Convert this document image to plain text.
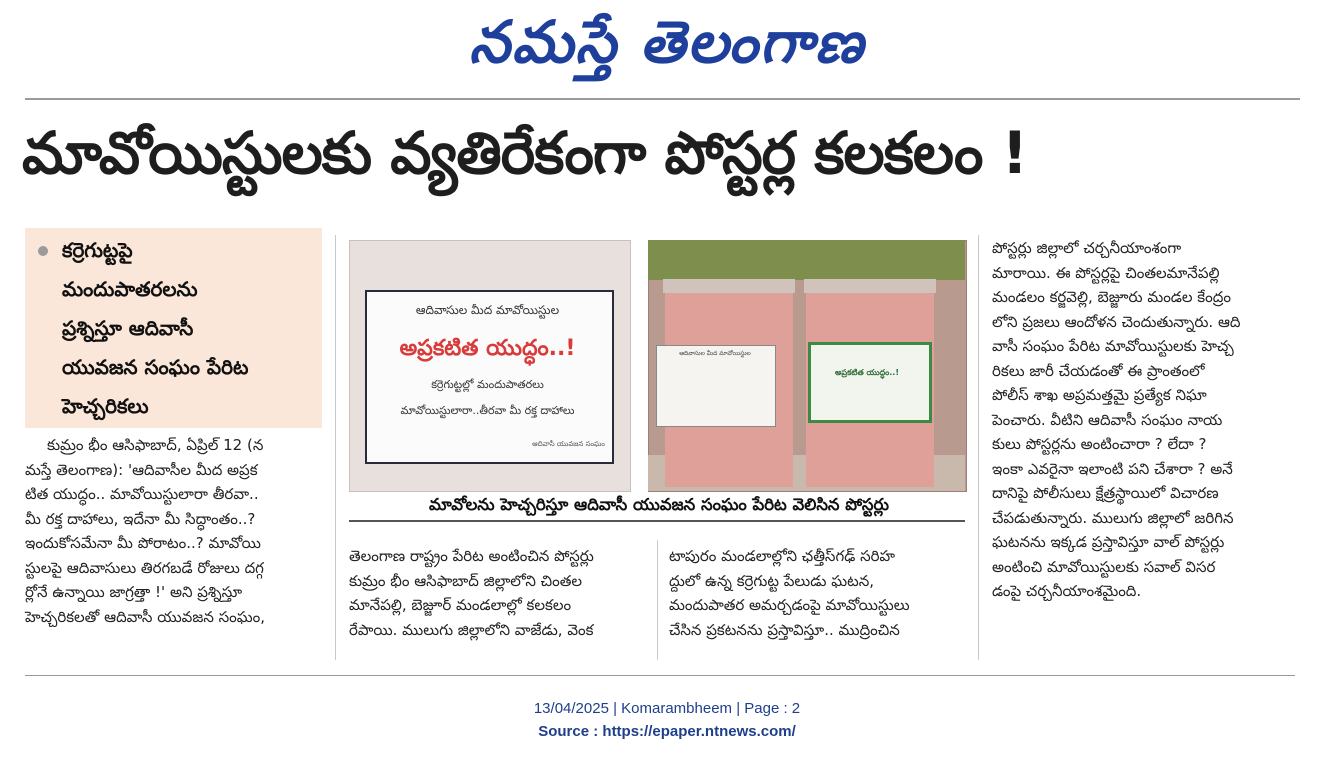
నమస్తే తెలంగాణ
మావోయిస్టులకు వ్యతిరేకంగా పోస్టర్ల కలకలం !
కర్రెగుట్టపై
మందుపాతరలను
ప్రశ్నిస్తూ ఆదివాసీ
యువజన సంఘం పేరిట
హెచ్చరికలు
కుమ్రం భీం ఆసిఫాబాద్, ఏప్రిల్ 12 (న
మస్తే తెలంగాణ): 'ఆదివాసీల మీద అప్రక
టిత యుద్ధం.. మావోయిస్టులారా తీరవా..
మీ రక్త దాహాలు, ఇదేనా మీ సిద్ధాంతం..?
ఇందుకోసమేనా మీ పోరాటం..? మావోయి
స్టులపై ఆదివాసులు తిరగబడే రోజులు దగ్గ
ర్లోనే ఉన్నాయి జాగ్రత్తా !' అని ప్రశ్నిస్తూ
హెచ్చరికలతో ఆదివాసీ యువజన సంఘం,
ఆదివాసుల మీద మావోయిస్టుల
అప్రకటిత యుద్ధం..!
కర్రెగుట్టల్లో మందుపాతరలు
మావోయిస్టులారా..తీరవా మీ రక్త దాహాలు
ఆదివాసీ యువజన సంఘం
ఆదివాసుల మీద మావోయిస్టుల
అప్రకటిత యుద్ధం..!
మావోలను హెచ్చరిస్తూ ఆదివాసీ యువజన సంఘం పేరిట వెలిసిన పోస్టర్లు
తెలంగాణ రాష్ట్రం పేరిట అంటించిన పోస్టర్లు
కుమ్రం భీం ఆసిఫాబాద్ జిల్లాలోని చింతల
మానేపల్లి, బెజ్జూర్ మండలాల్లో కలకలం
రేపాయి. ములుగు జిల్లాలోని వాజేడు, వెంక
టాపురం మండలాల్లోని ఛత్తీస్‌గఢ్ సరిహ
ద్దులో ఉన్న కర్రెగుట్ట పేలుడు ఘటన,
మందుపాతర అమర్చడంపై మావోయిస్టులు
చేసిన ప్రకటనను ప్రస్తావిస్తూ.. ముద్రించిన
పోస్టర్లు జిల్లాలో చర్చనీయాంశంగా
మారాయి. ఈ పోస్టర్లపై చింతలమానేపల్లి
మండలం కర్జవెల్లి, బెజ్జూరు మండల కేంద్రం
లోని ప్రజలు ఆందోళన చెందుతున్నారు. ఆది
వాసీ సంఘం పేరిట మావోయిస్టులకు హెచ్చ
రికలు జారీ చేయడంతో ఈ ప్రాంతంలో
పోలీస్ శాఖ అప్రమత్తమై ప్రత్యేక నిఘా
పెంచారు. వీటిని ఆదివాసీ సంఘం నాయ
కులు పోస్టర్లను అంటించారా ? లేదా ?
ఇంకా ఎవరైనా ఇలాంటి పని చేశారా ? అనే
దానిపై పోలీసులు క్షేత్రస్థాయిలో విచారణ
చేపడుతున్నారు. ములుగు జిల్లాలో జరిగిన
ఘటనను ఇక్కడ ప్రస్తావిస్తూ వాల్ పోస్టర్లు
అంటించి మావోయిస్టులకు సవాల్ విసర
డంపై చర్చనీయాంశమైంది.
13/04/2025 | Komarambheem | Page : 2
Source : https://epaper.ntnews.com/
